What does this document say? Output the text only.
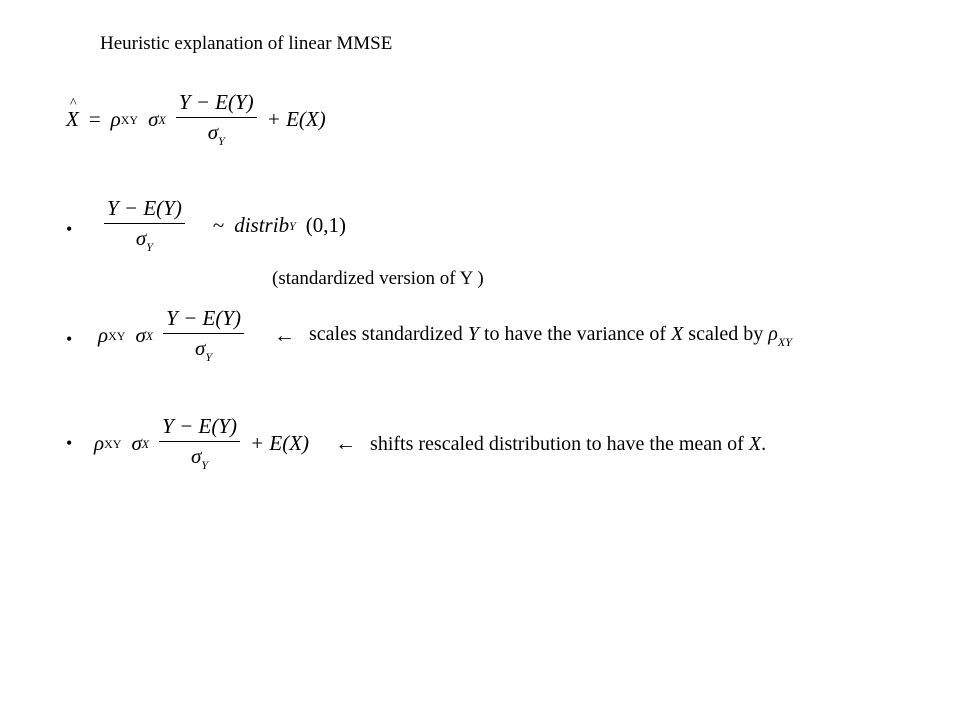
Heuristic explanation of linear MMSE
^ X = ρ XY σ X $\frac{Y - E(Y)}{\sigma_Y} + E(X)$
• $\frac{Y - E(Y)}{\sigma_Y}$ ~ distrib Y (0,1)
(standardized version of Y )
• ρ XY σ X $\frac{Y - E(Y)}{\sigma_Y}$ ← scales standardized Y to have the variance of X scaled by $\rho_{XY}$
• ρ XY σ X $\frac{Y - E(Y)}{\sigma_Y} + E(X)$ ← shifts rescaled distribution to have the mean of X.
